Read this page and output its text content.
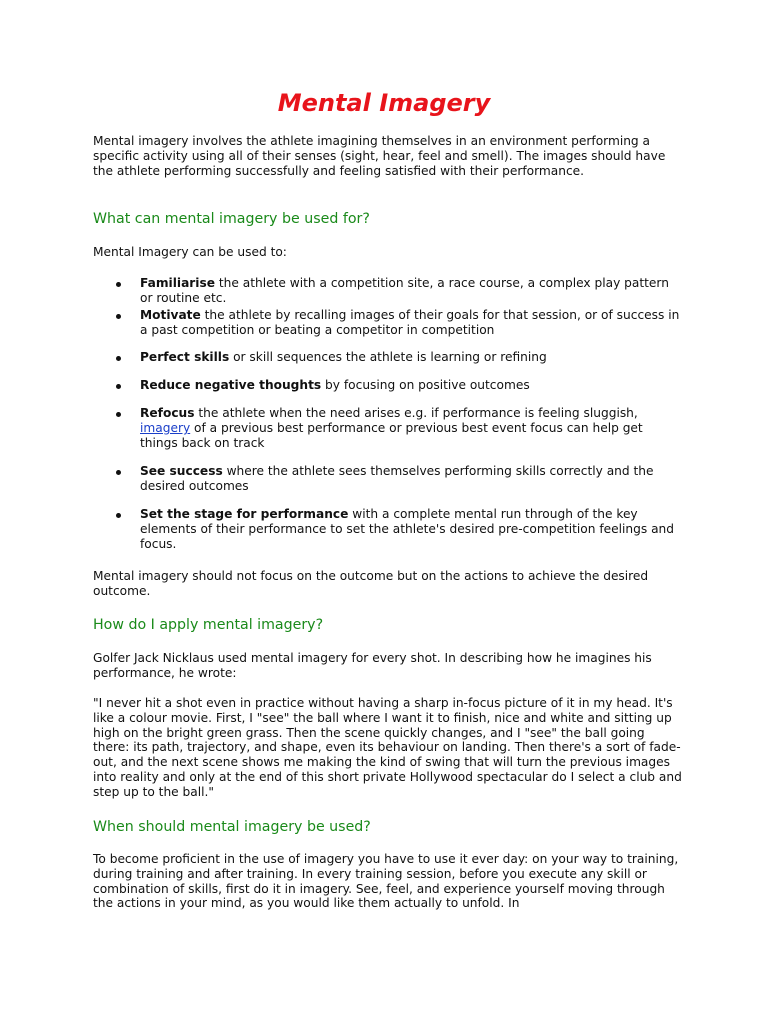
Mental Imagery

Mental imagery involves the athlete imagining themselves in an environment performing a specific activity using all of their senses (sight, hear, feel and smell). The images should have the athlete performing successfully and feeling satisfied with their performance.

What can mental imagery be used for?

Mental Imagery can be used to:

Familiarise the athlete with a competition site, a race course, a complex play pattern or routine etc.
Motivate the athlete by recalling images of their goals for that session, or of success in a past competition or beating a competitor in competition
Perfect skills or skill sequences the athlete is learning or refining
Reduce negative thoughts by focusing on positive outcomes
Refocus the athlete when the need arises e.g. if performance is feeling sluggish, imagery of a previous best performance or previous best event focus can help get things back on track
See success where the athlete sees themselves performing skills correctly and the desired outcomes
Set the stage for performance with a complete mental run through of the key elements of their performance to set the athlete's desired pre-competition feelings and focus.

Mental imagery should not focus on the outcome but on the actions to achieve the desired outcome.

How do I apply mental imagery?

Golfer Jack Nicklaus used mental imagery for every shot. In describing how he imagines his performance, he wrote:

"I never hit a shot even in practice without having a sharp in-focus picture of it in my head. It's like a colour movie. First, I "see" the ball where I want it to finish, nice and white and sitting up high on the bright green grass. Then the scene quickly changes, and I "see" the ball going there: its path, trajectory, and shape, even its behaviour on landing. Then there's a sort of fade-out, and the next scene shows me making the kind of swing that will turn the previous images into reality and only at the end of this short private Hollywood spectacular do I select a club and step up to the ball."

When should mental imagery be used?

To become proficient in the use of imagery you have to use it ever day: on your way to training, during training and after training. In every training session, before you execute any skill or combination of skills, first do it in imagery. See, feel, and experience yourself moving through the actions in your mind, as you would like them actually to unfold. In
